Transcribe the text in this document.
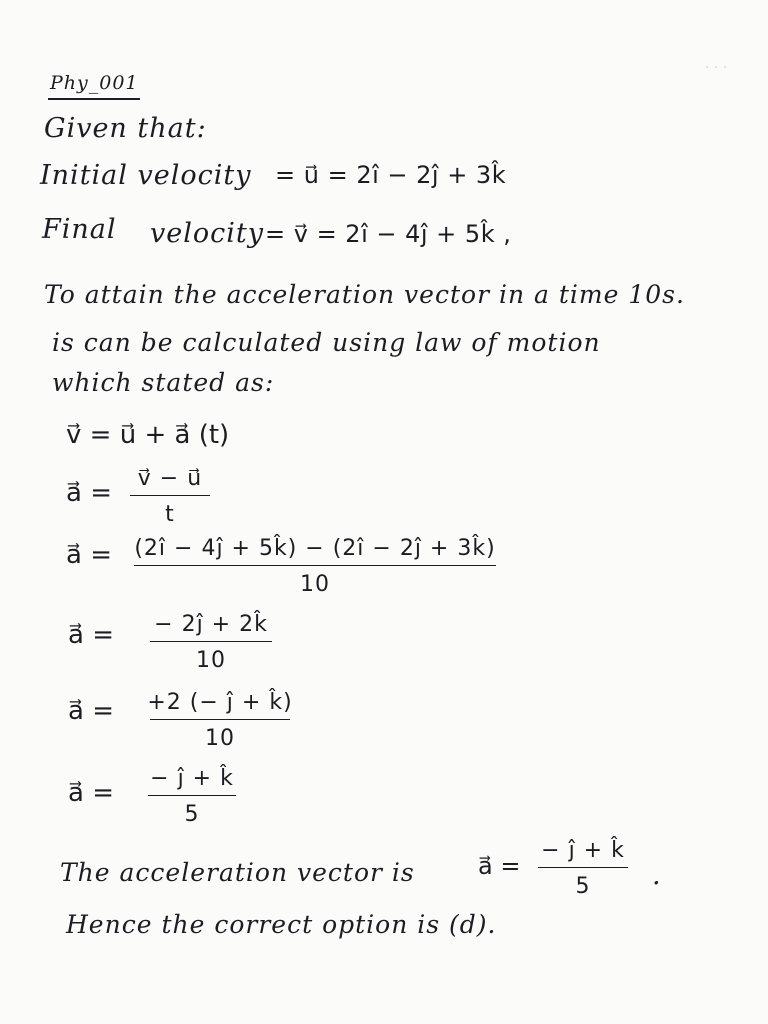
· · ·
Phy_001
Given that:
Initial velocity = u⃗ = 2î − 2ĵ + 3k̂
Final velocity = v⃗ = 2î − 4ĵ + 5k̂ ,
To attain the acceleration vector in a time 10s.
is can be calculated using law of motion
which stated as:
v⃗ = u⃗ + a⃗ (t)
a⃗ = v⃗ − u⃗
t
a⃗ = (2î − 4ĵ + 5k̂) − (2î − 2ĵ + 3k̂)
10
a⃗ = − 2ĵ + 2k̂
10
a⃗ = +2 (− ĵ + k̂)
10
a⃗ = − ĵ + k̂
5
The acceleration vector is	a⃗ =
− ĵ + k̂
5 .
Hence the correct option is (d).
